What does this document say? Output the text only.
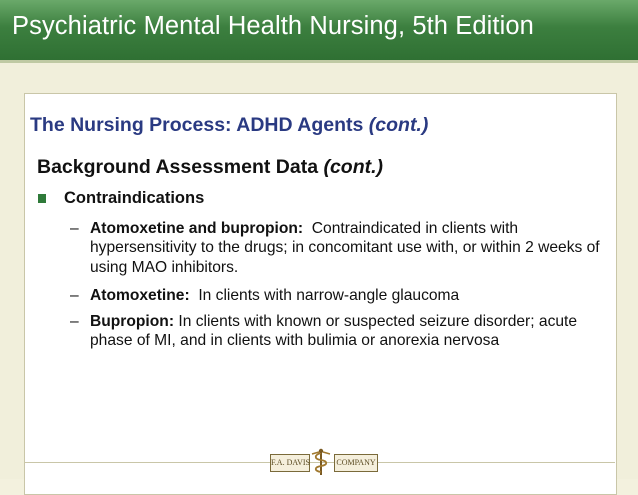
Psychiatric Mental Health Nursing, 5th Edition
The Nursing Process: ADHD Agents (cont.)
Background Assessment Data (cont.)
Contraindications
– Atomoxetine and bupropion: Contraindicated in clients with hypersensitivity to the drugs; in concomitant use with, or within 2 weeks of using MAO inhibitors.
– Atomoxetine: In clients with narrow-angle glaucoma
– Bupropion: In clients with known or suspected seizure disorder; acute phase of MI, and in clients with bulimia or anorexia nervosa
F.A. DAVIS	COMPANY
